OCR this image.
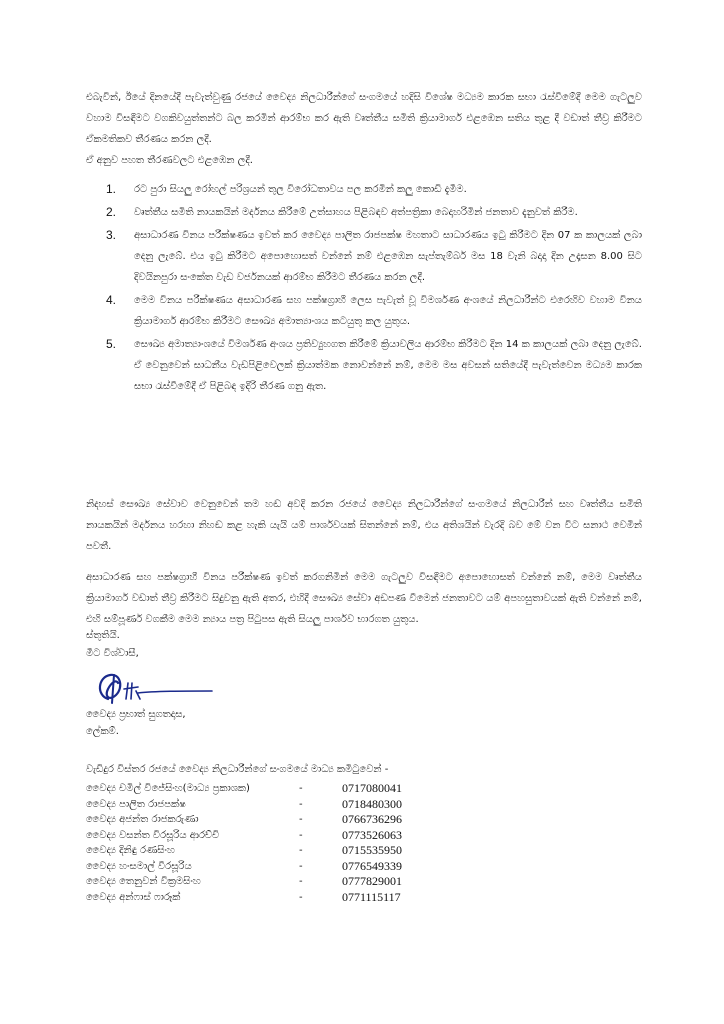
එබැවින්, ඊයේ දිනයේදී පැවැත්වුණු රජයේ වෛද්‍ය නිලධාරීන්ගේ සංගමයේ හදිසි විශේෂ මධ්‍යම කාරක සභා රැස්වීමේදී මෙම ගැටලුව වහාම විසඳීමට වගකිවයුත්තන්ට බල කරමින් ආරම්භ කර ඇති වෘත්තීය සමිති ක්‍රියාමාර්ග එළඹෙන සතිය තුළ දී වඩාත් තීව්‍ර කිරීමට ඒකමතිකව තීරණය කරන ලදී.

ඒ අනුව පහත තීරණවලට එළඹෙන ලදී.

1.	රට පුරා සියලු රෝහල් පරිශ්‍රයන් තුල විරෝධතාවය පල කරමින් කලු කොඩි දැමීම.
2.	වෘත්තීය සමිති නායකයින් මර්දනය කිරීමේ උත්සාහය පිළිබඳව අත්පත්‍රිකා බෙදාහරිමින් ජනතාව දැනුවත් කිරීම.
3.	අසාධාරණ විනය පරීක්ෂණය ඉවත් කර වෛද්‍ය පාලිත රාජපක්ෂ මහතාට සාධාරණය ඉටු කිරීමට දින 07 ක කාලයක් ලබා දෙනු ලැබේ. එය ඉටු කිරීමට අපොහොසත් වන්නේ නම් එළඹෙන සැප්තැම්බර් මස 18 වැනි බදාදා දින උදෑසන 8.00 සිට දිවයිනපුරා සංකේත වැඩ වර්ජනයක් ආරම්භ කිරීමට තීරණය කරන ලදී.
4.	මෙම විනය පරීක්ෂණය අසාධාරණ සහ පක්ෂග්‍රාහී ලෙස පැවැත් වූ විමර්ශණ අංශයේ නිලධාරීන්ට එරෙහිව වහාම විනය ක්‍රියාමාර්ග ආරම්භ කිරීමට සෞඛ්‍ය අමාත්‍යාංශය කටයුතු කල යුතුය.
5.	සෞඛ්‍ය අමාත්‍යාංශයේ විමර්ශණ අංශය ප්‍රතිව්‍යුහගත කිරීමේ ක්‍රියාවලිය ආරම්භ කිරීමට දින 14 ක කාලයක් ලබා දෙනු ලැබේ. ඒ වෙනුවෙන් සාධනීය වැඩපිළිවෙලක් ක්‍රියාත්මක නොවන්නේ නම්, මෙම මස අවසන් සතියේදී පැවැත්වෙන මධ්‍යම කාරක සභා රැස්වීමේදී ඒ පිළිබඳ ඉදිරි තීරණ ගනු ඇත.

නිදහස් සෞඛ්‍ය සේවාව වෙනුවෙන් තම හඬ අවදි කරන රජයේ වෛද්‍ය නිලධාරීන්ගේ සංගමයේ නිලධාරීන් සහ වෘත්තීය සමිති නායකයින් මර්දනය හරහා නිහඬ කළ හැකි යැයි යම් පාර්ශවයක් සිතන්නේ නම්, එය අතිශයින් වැරදි බව මේ වන විට සනාථ වෙමින් පවතී.

අසාධාරණ සහ පක්ෂග්‍රාහී විනය පරීක්ෂණ ඉවත් කරගනිමින් මෙම ගැටලුව විසඳීමට අපොහොසත් වන්නේ නම්, මෙම වෘත්තීය ක්‍රියාමාර්ග වඩාත් තීව්‍ර කිරීමට සිදුවනු ඇති අතර, එහිදී සෞඛ්‍ය සේවා අඩපණ වීමෙන් ජනතාවට යම් අපහසුතාවයක් ඇති වන්නේ නම්, එහි සම්පූර්ණ වගකීම මෙම න්‍යාය පත්‍ර පිටුපස ඇති සියලු පාර්ශව භාරගත යුතුය.

ස්තුතියි.

මීට විශ්වාසී,

වෛද්‍ය ප්‍රභාත් සුගතදාස,

ලේකම්.

වැඩිදුර විස්තර රජයේ වෛද්‍ය නිලධාරීන්ගේ සංගමයේ මාධ්‍ය කමිටුවෙන් -

වෛද්‍ය චමිල් විජේසිංහ(මාධ්‍ය ප්‍රකාශක)	-	0717080041
වෛද්‍ය පාලිත රාජපක්ෂ	-	0718480300
වෛද්‍ය අජන්ත රාජකරුණා	-	0766736296
වෛද්‍ය වසන්ත විරසූරිය ආරච්චි	-	0773526063
වෛද්‍ය දිනිඳු රණසිංහ	-	0715535950
වෛද්‍ය හංසමාල් වීරසූරිය	-	0776549339
වෛද්‍ය තෙනුවන් වික්‍රමසිංහ	-	0777829001
වෛද්‍ය අන්ෆාස් ෆාරූක්	-	0771115117
